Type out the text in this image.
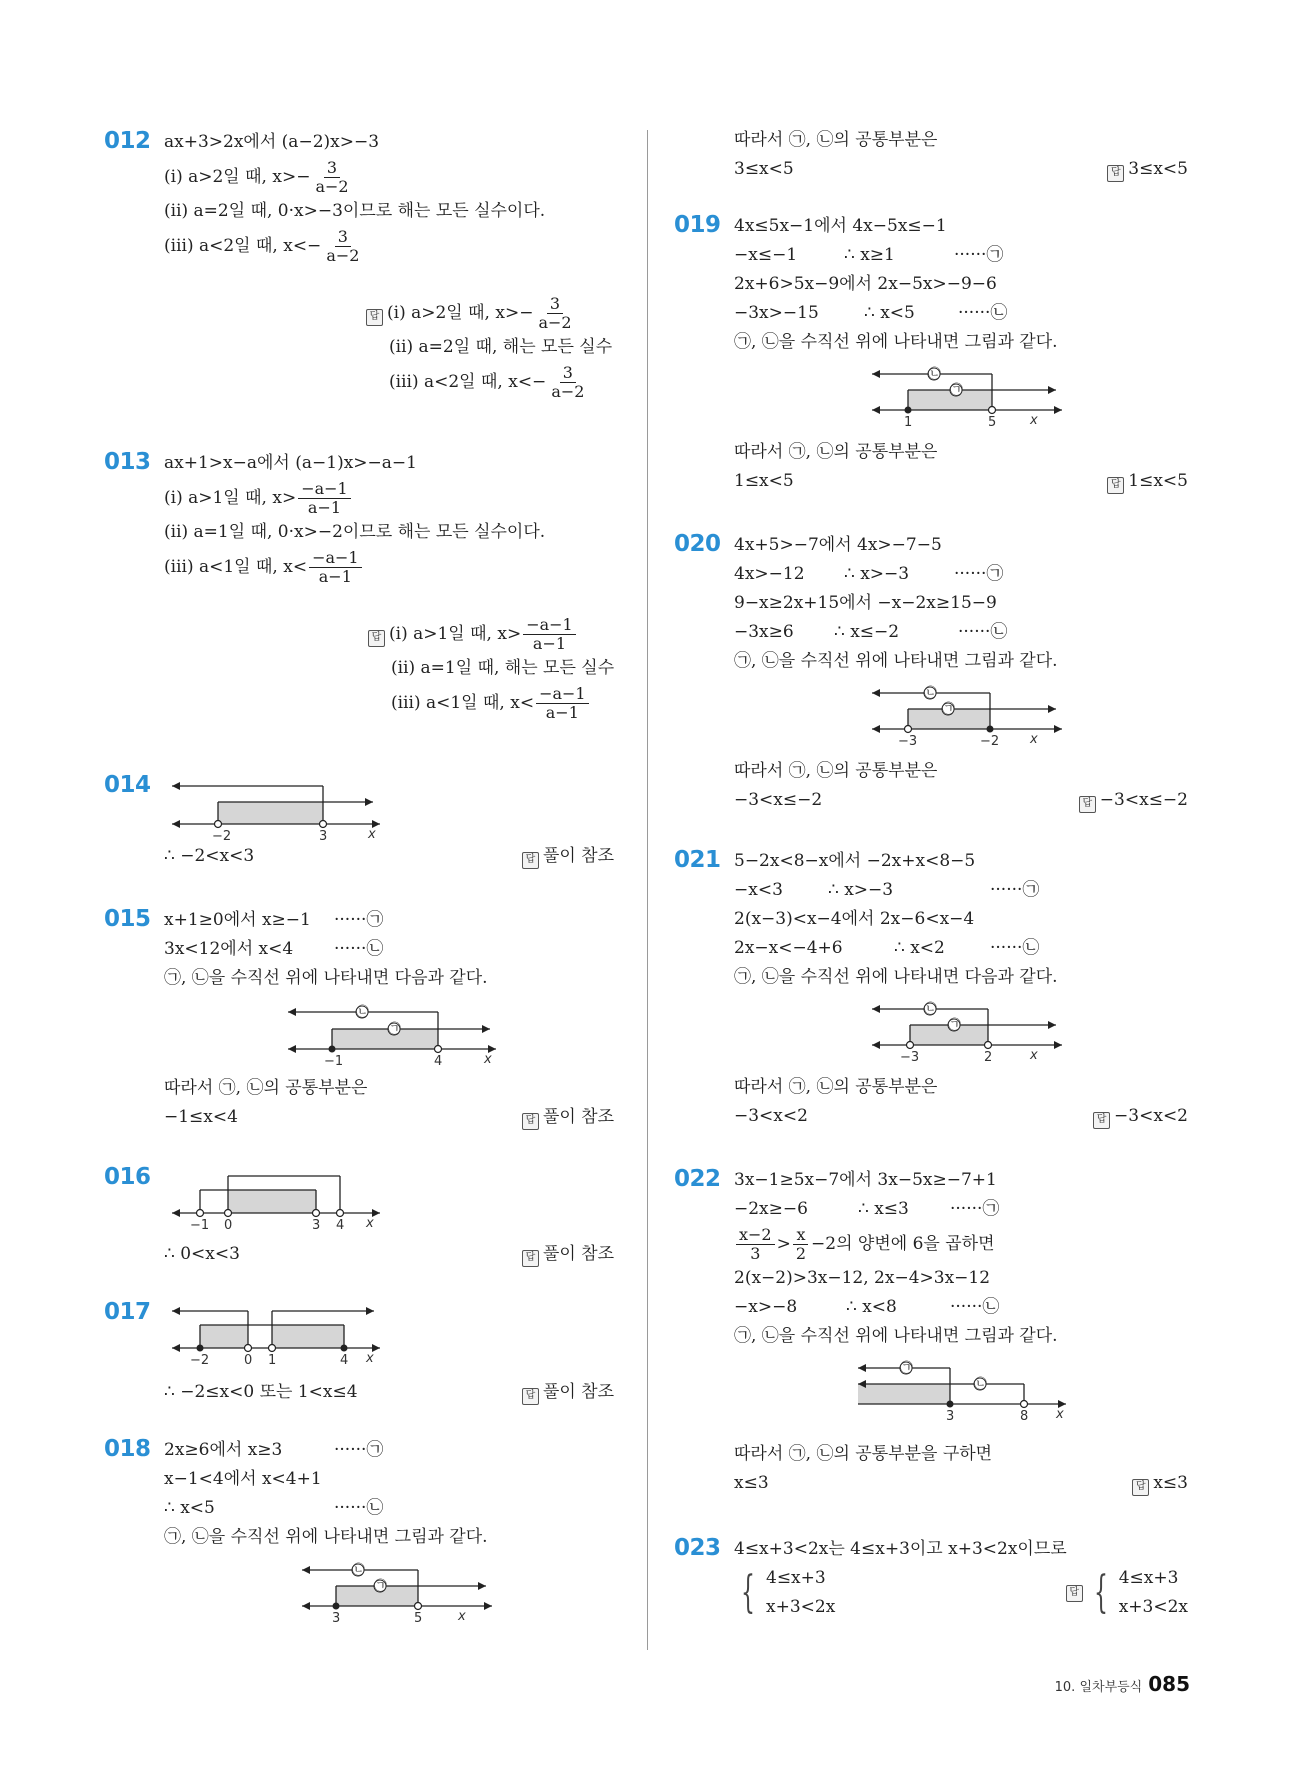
012 ax+3>2x에서 (a−2)x>−3
(ⅰ) a>2일 때, $x>- \frac{3}{a-2}$
(ⅱ) a=2일 때, 0·x>−3이므로 해는 모든 실수이다.
(ⅲ) a<2일 때, $x<- \frac{3}{a-2}$
답 (ⅰ) a>2일 때, $x>- \frac{3}{a-2}$
(ⅱ) a=2일 때, 해는 모든 실수
(ⅲ) a<2일 때, $x<- \frac{3}{a-2}$
013 ax+1>x−a에서 (a−1)x>−a−1
(ⅰ) a>1일 때, $x> \frac{-a-1}{a-1}$
(ⅱ) a=1일 때, 0·x>−2이므로 해는 모든 실수이다.
(ⅲ) a<1일 때, $x< \frac{-a-1}{a-1}$
답 (ⅰ) a>1일 때, $x> \frac{-a-1}{a-1}$
(ⅱ) a=1일 때, 해는 모든 실수
(ⅲ) a<1일 때, $x< \frac{-a-1}{a-1}$
014
−2	3	x
∴ −2<x<3	답 풀이 참조
015 x+1≥0에서 x≥−1 ······㉠
3x<12에서 x<4 ······㉡
㉠, ㉡을 수직선 위에 나타내면 다음과 같다.
㉡
㉠
−1	4	x
따라서 ㉠, ㉡의 공통부분은
−1≤x<4	답 풀이 참조
016
−1 0	3 4 x
∴ 0<x<3	답 풀이 참조
017
−2	0 1	4 x
∴ −2≤x<0 또는 1<x≤4	답 풀이 참조
018 2x≥6에서 x≥3	······㉠
x−1<4에서 x<4+1
∴ x<5	······㉡
㉠, ㉡을 수직선 위에 나타내면 그림과 같다.
㉡
㉠
3	5	x
따라서 ㉠, ㉡의 공통부분은
3≤x<5	답 3≤x<5
019 4x≤5x−1에서 4x−5x≤−1
−x≤−1	∴ x≥1	······㉠
2x+6>5x−9에서 2x−5x>−9−6
−3x>−15	∴ x<5	······㉡
㉠, ㉡을 수직선 위에 나타내면 그림과 같다.
㉡
㉠
1	5	x
따라서 ㉠, ㉡의 공통부분은
1≤x<5	답 1≤x<5
020 4x+5>−7에서 4x>−7−5
4x>−12 ∴ x>−3	······㉠
9−x≥2x+15에서 −x−2x≥15−9
−3x≥6 ∴ x≤−2	······㉡
㉠, ㉡을 수직선 위에 나타내면 그림과 같다.
㉡
㉠
−3	−2 x
따라서 ㉠, ㉡의 공통부분은
−3<x≤−2	답 −3<x≤−2
021 5−2x<8−x에서 −2x+x<8−5
−x<3	∴ x>−3	······㉠
2(x−3)<x−4에서 2x−6<x−4
2x−x<−4+6	∴ x<2	······㉡
㉠, ㉡을 수직선 위에 나타내면 다음과 같다.
㉡
㉠
−3	2	x
따라서 ㉠, ㉡의 공통부분은
−3<x<2	답 −3<x<2
022 3x−1≥5x−7에서 3x−5x≥−7+1
−2x≥−6	∴ x≤3 ······㉠
$\frac{x-2}{3} > \frac{x}{2} -2$의 양변에 6을 곱하면
2(x−2)>3x−12, 2x−4>3x−12
−x>−8	∴ x<8	······㉡
㉠, ㉡을 수직선 위에 나타내면 그림과 같다.
㉠
㉡
3	8 x
따라서 ㉠, ㉡의 공통부분을 구하면
x≤3	답 x≤3
023 4≤x+3<2x는 4≤x+3이고 x+3<2x이므로
{ 4≤x+3
x+3<2x
답 { 4≤x+3
x+3<2x
10. 일차부등식 085
